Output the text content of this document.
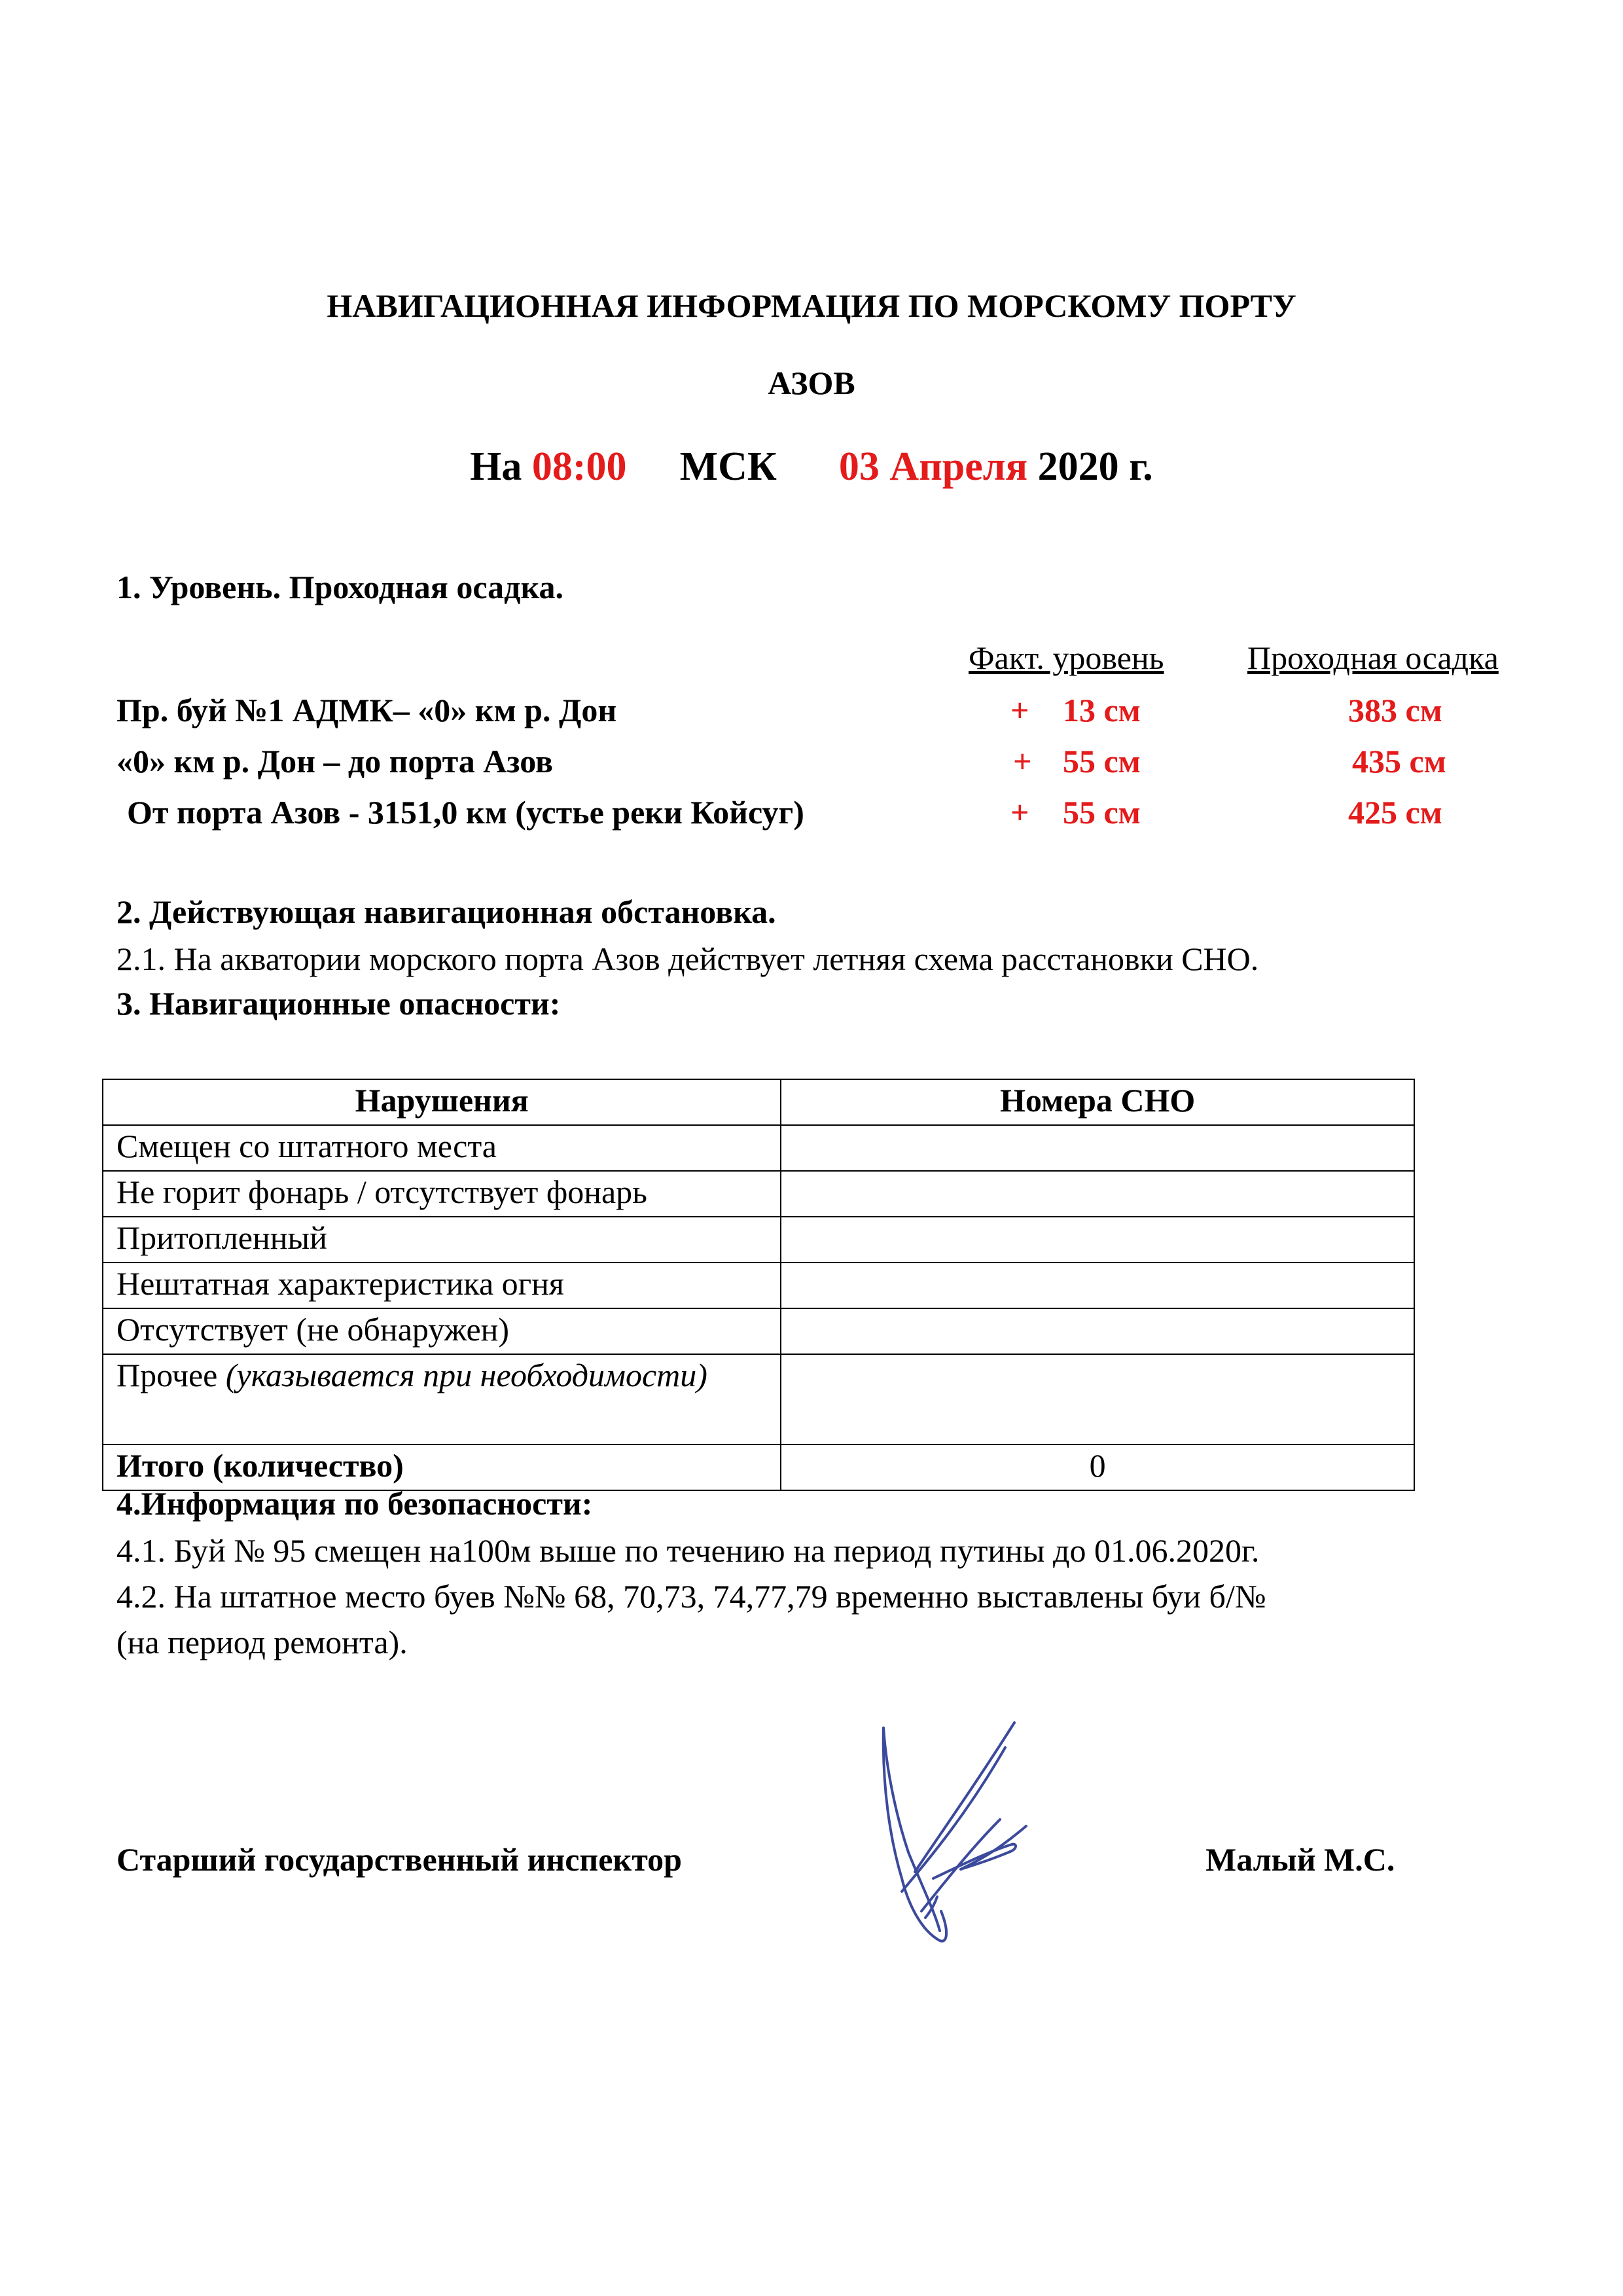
НАВИГАЦИОННАЯ ИНФОРМАЦИЯ ПО МОРСКОМУ ПОРТУ
АЗОВ
На 08:00 МСК 03 Апреля 2020 г.
1. Уровень. Проходная осадка.
Факт. уровень	Проходная осадка
Пр. буй №1 АДМК– «0» км р. Дон	+ 13 см	383 см
«0» км р. Дон – до порта Азов	+ 55 см	435 см
От порта Азов - 3151,0 км (устье реки Койсуг)	+ 55 см	425 см
2. Действующая навигационная обстановка.
2.1. На акватории морского порта Азов действует летняя схема расстановки СНО.
3. Навигационные опасности:
Нарушения	Номера СНО
Смещен со штатного места	
Не горит фонарь / отсутствует фонарь	
Притопленный	
Нештатная характеристика огня	
Отсутствует (не обнаружен)	
Прочее (указывается при необходимости)	
Итого (количество)	0
4.Информация по безопасности:
4.1. Буй № 95 смещен на100м выше по течению на период путины до 01.06.2020г.
4.2. На штатное место буев №№ 68, 70,73, 74,77,79 временно выставлены буи б/№
(на период ремонта).
Старший государственный инспектор	Малый М.С.
